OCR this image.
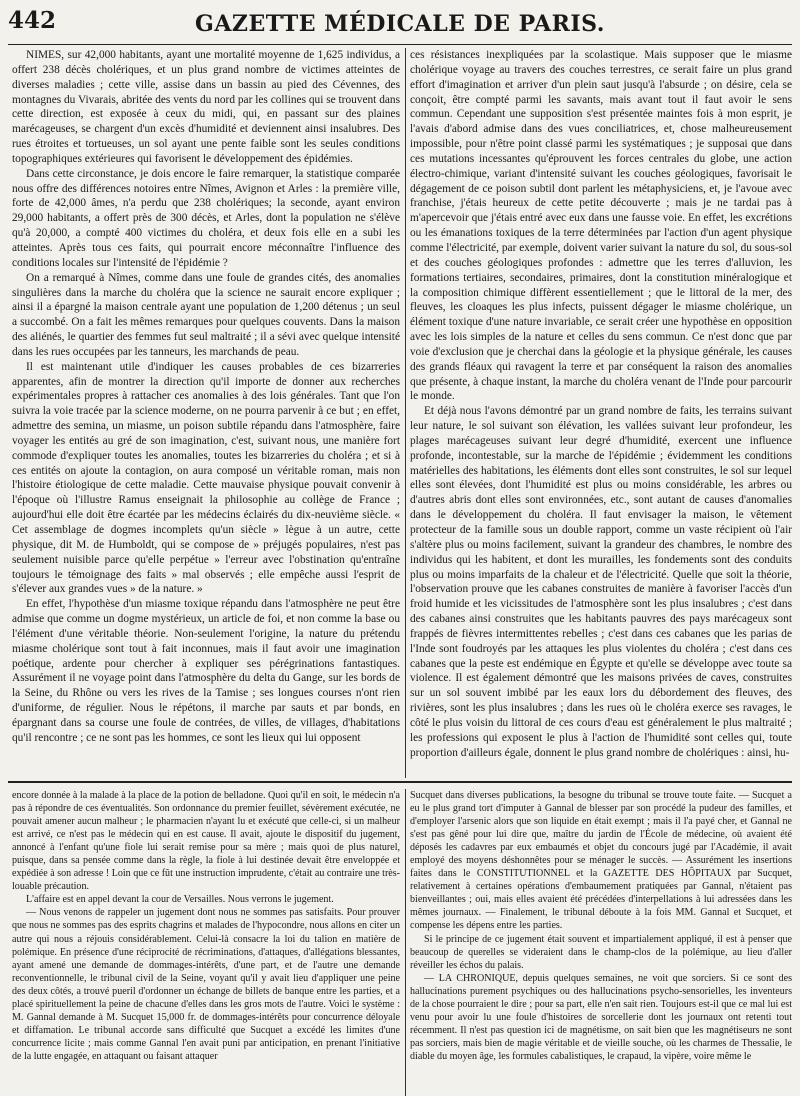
442	GAZETTE MÉDICALE DE PARIS.

NIMES, sur 42,000 habitants, ayant une mortalité moyenne de 1,625 individus, a offert 238 décès cholériques, et un plus grand nombre de victimes atteintes de diverses maladies ; cette ville, assise dans un bassin au pied des Cévennes, des montagnes du Vivarais, abritée des vents du nord par les collines qui se trouvent dans cette direction, est exposée à ceux du midi, qui, en passant sur des plaines marécageuses, se chargent d'un excès d'humidité et deviennent ainsi insalubres. Des rues étroites et tortueuses, un sol ayant une pente faible sont les seules conditions topographiques extérieures qui favorisent le développement des épidémies.

Dans cette circonstance, je dois encore le faire remarquer, la statistique comparée nous offre des différences notoires entre Nîmes, Avignon et Arles : la première ville, forte de 42,000 âmes, n'a perdu que 238 cholériques; la seconde, ayant environ 29,000 habitants, a offert près de 300 décès, et Arles, dont la population ne s'élève qu'à 20,000, a compté 400 victimes du choléra, et deux fois elle en a subi les atteintes. Après tous ces faits, qui pourrait encore méconnaître l'influence des conditions locales sur l'intensité de l'épidémie ?

On a remarqué à Nîmes, comme dans une foule de grandes cités, des anomalies singulières dans la marche du choléra que la science ne saurait encore expliquer ; ainsi il a épargné la maison centrale ayant une population de 1,200 détenus ; un seul a succombé. On a fait les mêmes remarques pour quelques couvents. Dans la maison des aliénés, le quartier des femmes fut seul maltraité ; il a sévi avec quelque intensité dans les rues occupées par les tanneurs, les marchands de peau.

Il est maintenant utile d'indiquer les causes probables de ces bizarreries apparentes, afin de montrer la direction qu'il importe de donner aux recherches expérimentales propres à rattacher ces anomalies à des lois générales. Tant que l'on suivra la voie tracée par la science moderne, on ne pourra parvenir à ce but ; en effet, admettre des semina, un miasme, un poison subtile répandu dans l'atmosphère, faire voyager les entités au gré de son imagination, c'est, suivant nous, une manière fort commode d'expliquer toutes les anomalies, toutes les bizarreries du choléra ; et si à ces entités on ajoute la contagion, on aura composé un véritable roman, mais non l'histoire étiologique de cette maladie. Cette mauvaise physique pouvait convenir à l'époque où l'illustre Ramus enseignait la philosophie au collège de France ; aujourd'hui elle doit être écartée par les médecins éclairés du dix-neuvième siècle. « Cet assemblage de dogmes incomplets qu'un siècle » lègue à un autre, cette physique, dit M. de Humboldt, qui se compose de » préjugés populaires, n'est pas seulement nuisible parce qu'elle perpétue » l'erreur avec l'obstination qu'entraîne toujours le témoignage des faits » mal observés ; elle empêche aussi l'esprit de s'élever aux grandes vues » de la nature. »

En effet, l'hypothèse d'un miasme toxique répandu dans l'atmosphère ne peut être admise que comme un dogme mystérieux, un article de foi, et non comme la base ou l'élément d'une véritable théorie. Non-seulement l'origine, la nature du prétendu miasme cholérique sont tout à fait inconnues, mais il faut avoir une imagination poétique, ardente pour chercher à expliquer ses pérégrinations fantastiques. Assurément il ne voyage point dans l'atmosphère du delta du Gange, sur les bords de la Seine, du Rhône ou vers les rives de la Tamise ; ses longues courses n'ont rien d'uniforme, de régulier. Nous le répétons, il marche par sauts et par bonds, en épargnant dans sa course une foule de contrées, de villes, de villages, d'habitations qu'il rencontre ; ce ne sont pas les hommes, ce sont les lieux qui lui opposent

ces résistances inexpliquées par la scolastique. Mais supposer que le miasme cholérique voyage au travers des couches terrestres, ce serait faire un plus grand effort d'imagination et arriver d'un plein saut jusqu'à l'absurde ; on désire, cela se conçoit, être compté parmi les savants, mais avant tout il faut avoir le sens commun. Cependant une supposition s'est présentée maintes fois à mon esprit, je l'avais d'abord admise dans des vues conciliatrices, et, chose malheureusement impossible, pour n'être point classé parmi les systématiques ; je supposai que dans ces mutations incessantes qu'éprouvent les forces centrales du globe, une action électro-chimique, variant d'intensité suivant les couches géologiques, favorisait le dégagement de ce poison subtil dont parlent les métaphysiciens, et, je l'avoue avec franchise, j'étais heureux de cette petite découverte ; mais je ne tardai pas à m'apercevoir que j'étais entré avec eux dans une fausse voie. En effet, les excrétions ou les émanations toxiques de la terre déterminées par l'action d'un agent physique comme l'électricité, par exemple, doivent varier suivant la nature du sol, du sous-sol et des couches géologiques profondes : admettre que les terres d'alluvion, les formations tertiaires, secondaires, primaires, dont la constitution minéralogique et la composition chimique diffèrent essentiellement ; que le littoral de la mer, des fleuves, les cloaques les plus infects, puissent dégager le miasme cholérique, un élément toxique d'une nature invariable, ce serait créer une hypothèse en opposition avec les lois simples de la nature et celles du sens commun. Ce n'est donc que par voie d'exclusion que je cherchai dans la géologie et la physique générale, les causes des grands fléaux qui ravagent la terre et par conséquent la raison des anomalies que présente, à chaque instant, la marche du choléra venant de l'Inde pour parcourir le monde.

Et déjà nous l'avons démontré par un grand nombre de faits, les terrains suivant leur nature, le sol suivant son élévation, les vallées suivant leur profondeur, les plages marécageuses suivant leur degré d'humidité, exercent une influence profonde, incontestable, sur la marche de l'épidémie ; évidemment les conditions matérielles des habitations, les éléments dont elles sont construites, le sol sur lequel elles sont élevées, dont l'humidité est plus ou moins considérable, les arbres ou d'autres abris dont elles sont environnées, etc., sont autant de causes d'anomalies dans le développement du choléra. Il faut envisager la maison, le vêtement protecteur de la famille sous un double rapport, comme un vaste récipient où l'air s'altère plus ou moins facilement, suivant la grandeur des chambres, le nombre des individus qui les habitent, et dont les murailles, les fondements sont des conduits plus ou moins imparfaits de la chaleur et de l'électricité. Quelle que soit la théorie, l'observation prouve que les cabanes construites de manière à favoriser l'accès d'un froid humide et les vicissitudes de l'atmosphère sont les plus insalubres ; c'est dans des cabanes ainsi construites que les habitants pauvres des pays marécageux sont frappés de fièvres intermittentes rebelles ; c'est dans ces cabanes que les parias de l'Inde sont foudroyés par les attaques les plus violentes du choléra ; c'est dans ces cabanes que la peste est endémique en Égypte et qu'elle se développe avec toute sa violence. Il est également démontré que les maisons privées de caves, construites sur un sol souvent imbibé par les eaux lors du débordement des fleuves, des rivières, sont les plus insalubres ; dans les rues où le choléra exerce ses ravages, le côté le plus voisin du littoral de ces cours d'eau est généralement le plus maltraité ; les professions qui exposent le plus à l'action de l'humidité sont celles qui, toute proportion d'ailleurs égale, donnent le plus grand nombre de cholériques : ainsi, hu-

encore donnée à la malade à la place de la potion de belladone. Quoi qu'il en soit, le médecin n'a pas à répondre de ces éventualités. Son ordonnance du premier feuillet, sévèrement exécutée, ne pouvait amener aucun malheur ; le pharmacien n'ayant lu et exécuté que celle-ci, si un malheur est arrivé, ce n'est pas le médecin qui en est cause. Il avait, ajoute le dispositif du jugement, annoncé à l'enfant qu'une fiole lui serait remise pour sa mère ; mais quoi de plus naturel, puisque, dans sa pensée comme dans la règle, la fiole à lui destinée devait être enveloppée et expédiée à son adresse ! Loin que ce fût une instruction imprudente, c'était au contraire une très-louable précaution.

L'affaire est en appel devant la cour de Versailles. Nous verrons le jugement.

— Nous venons de rappeler un jugement dont nous ne sommes pas satisfaits. Pour prouver que nous ne sommes pas des esprits chagrins et malades de l'hypocondre, nous allons en citer un autre qui nous a réjouis considérablement. Celui-là consacre la loi du talion en matière de polémique. En présence d'une réciprocité de récriminations, d'attaques, d'allégations blessantes, ayant amené une demande de dommages-intérêts, d'une part, et de l'autre une demande reconventionnelle, le tribunal civil de la Seine, voyant qu'il y avait lieu d'appliquer une peine des deux côtés, a trouvé pueril d'ordonner un échange de billets de banque entre les parties, et a placé spirituellement la peine de chacune d'elles dans les gros mots de l'autre. Voici le système : M. Gannal demande à M. Sucquet 15,000 fr. de dommages-intérêts pour concurrence déloyale et diffamation. Le tribunal accorde sans difficulté que Sucquet a excédé les limites d'une concurrence licite ; mais comme Gannal l'en avait puni par anticipation, en prenant l'initiative de la lutte engagée, en attaquant ou faisant attaquer

Sucquet dans diverses publications, la besogne du tribunal se trouve toute faite. — Sucquet a eu le plus grand tort d'imputer à Gannal de blesser par son procédé la pudeur des familles, et d'employer l'arsenic alors que son liquide en était exempt ; mais il l'a payé cher, et Gannal ne s'est pas gêné pour lui dire que, maître du jardin de l'École de médecine, où avaient été déposés les cadavres par eux embaumés et objet du concours jugé par l'Académie, il avait employé des moyens déshonnêtes pour se ménager le succès. — Assurément les insertions faites dans le CONSTITUTIONNEL et la GAZETTE DES HÔPITAUX par Sucquet, relativement à certaines opérations d'embaumement pratiquées par Gannal, n'étaient pas bienveillantes ; oui, mais elles avaient été précédées d'interpellations à lui adressées dans les mêmes journaux. — Finalement, le tribunal déboute à la fois MM. Gannal et Sucquet, et compense les dépens entre les parties.

Si le principe de ce jugement était souvent et impartialement appliqué, il est à penser que beaucoup de querelles se videraient dans le champ-clos de la polémique, au lieu d'aller réveiller les échos du palais.

— LA CHRONIQUE, depuis quelques semaines, ne voit que sorciers. Si ce sont des hallucinations purement psychiques ou des hallucinations psycho-sensorielles, les inventeurs de la chose pourraient le dire ; pour sa part, elle n'en sait rien. Toujours est-il que ce mal lui est venu pour avoir lu une foule d'histoires de sorcellerie dont les journaux ont retenti tout récemment. Il n'est pas question ici de magnétisme, on sait bien que les magnétiseurs ne sont pas sorciers, mais bien de magie véritable et de vieille souche, où les charmes de Thessalie, le diable du moyen âge, les formules cabalistiques, le crapaud, la vipère, voire même le
